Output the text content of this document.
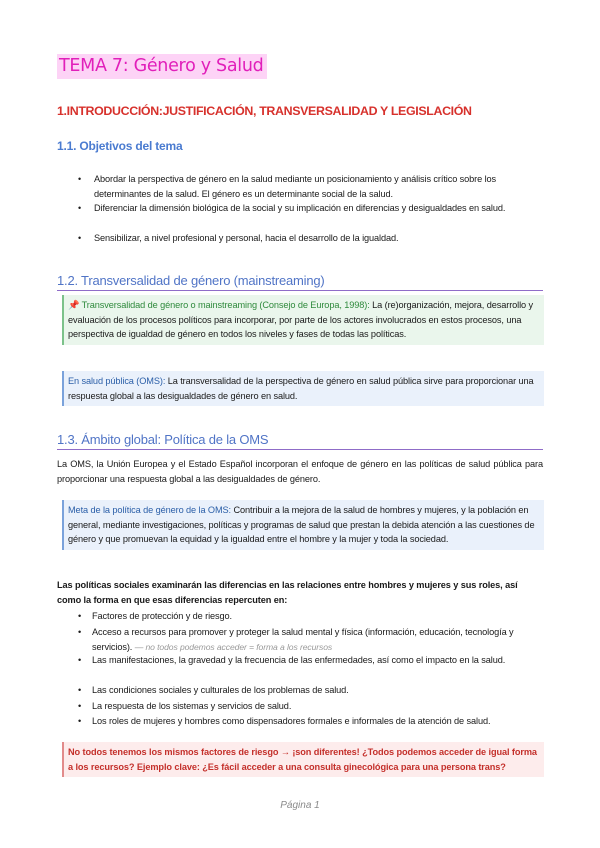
TEMA 7: Género y Salud
1.INTRODUCCIÓN:JUSTIFICACIÓN, TRANSVERSALIDAD Y LEGISLACIÓN
1.1. Objetivos del tema
• Abordar la perspectiva de género en la salud mediante un posicionamiento y análisis crítico sobre los determinantes de la salud. El género es un determinante social de la salud.
• Diferenciar la dimensión biológica de la social y su implicación en diferencias y desigualdades en salud.
• Sensibilizar, a nivel profesional y personal, hacia el desarrollo de la igualdad.
1.2. Transversalidad de género (mainstreaming)
📌 Transversalidad de género o mainstreaming (Consejo de Europa, 1998): La (re)organización, mejora, desarrollo y evaluación de los procesos políticos para incorporar, por parte de los actores involucrados en estos procesos, una perspectiva de igualdad de género en todos los niveles y fases de todas las políticas.
En salud pública (OMS): La transversalidad de la perspectiva de género en salud pública sirve para proporcionar una respuesta global a las desigualdades de género en salud.
1.3. Ámbito global: Política de la OMS
La OMS, la Unión Europea y el Estado Español incorporan el enfoque de género en las políticas de salud pública para proporcionar una respuesta global a las desigualdades de género.
Meta de la política de género de la OMS: Contribuir a la mejora de la salud de hombres y mujeres, y la población en general, mediante investigaciones, políticas y programas de salud que prestan la debida atención a las cuestiones de género y que promuevan la equidad y la igualdad entre el hombre y la mujer y toda la sociedad.
Las políticas sociales examinarán las diferencias en las relaciones entre hombres y mujeres y sus roles, así como la forma en que esas diferencias repercuten en:
• Factores de protección y de riesgo.
• Acceso a recursos para promover y proteger la salud mental y física (información, educación, tecnología y servicios). — no todos podemos acceder = forma a los recursos
• Las manifestaciones, la gravedad y la frecuencia de las enfermedades, así como el impacto en la salud.
• Las condiciones sociales y culturales de los problemas de salud.
• La respuesta de los sistemas y servicios de salud.
• Los roles de mujeres y hombres como dispensadores formales e informales de la atención de salud.
No todos tenemos los mismos factores de riesgo → ¡son diferentes! ¿Todos podemos acceder de igual forma a los recursos? Ejemplo clave: ¿Es fácil acceder a una consulta ginecológica para una persona trans?
Página 1
